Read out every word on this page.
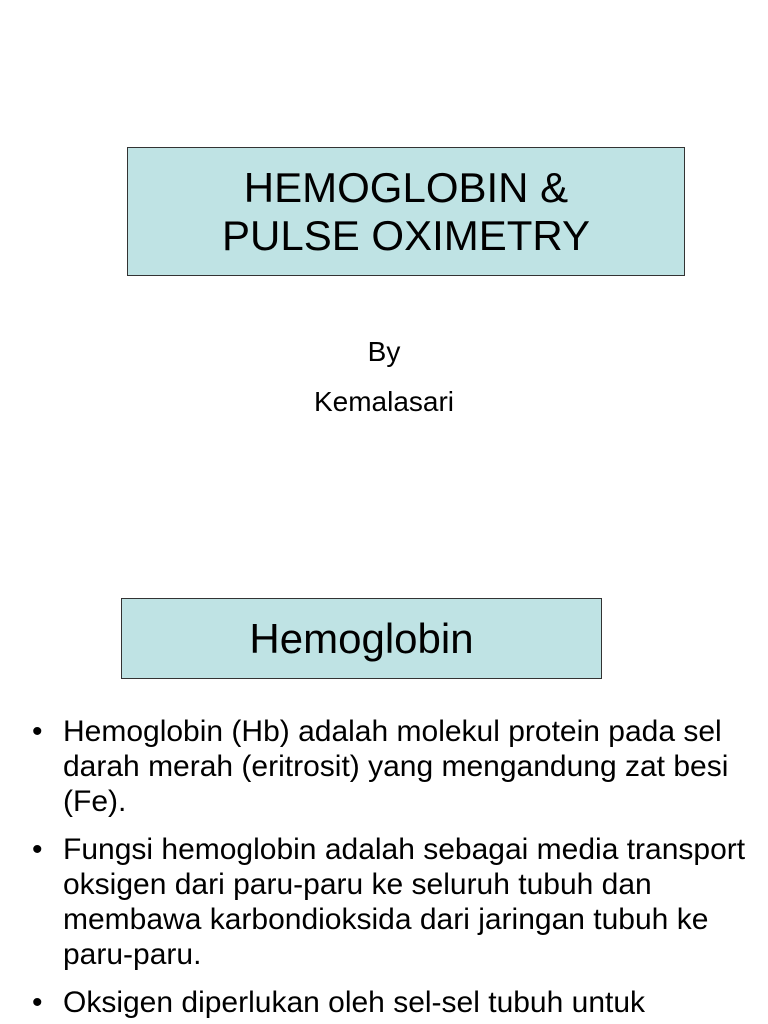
HEMOGLOBIN &
PULSE OXIMETRY
By
Kemalasari
Hemoglobin
• Hemoglobin (Hb) adalah molekul protein pada sel darah merah (eritrosit) yang mengandung zat besi (Fe).
• Fungsi hemoglobin adalah sebagai media transport oksigen dari paru-paru ke seluruh tubuh dan membawa karbondioksida dari jaringan tubuh ke paru-paru.
• Oksigen diperlukan oleh sel-sel tubuh untuk
